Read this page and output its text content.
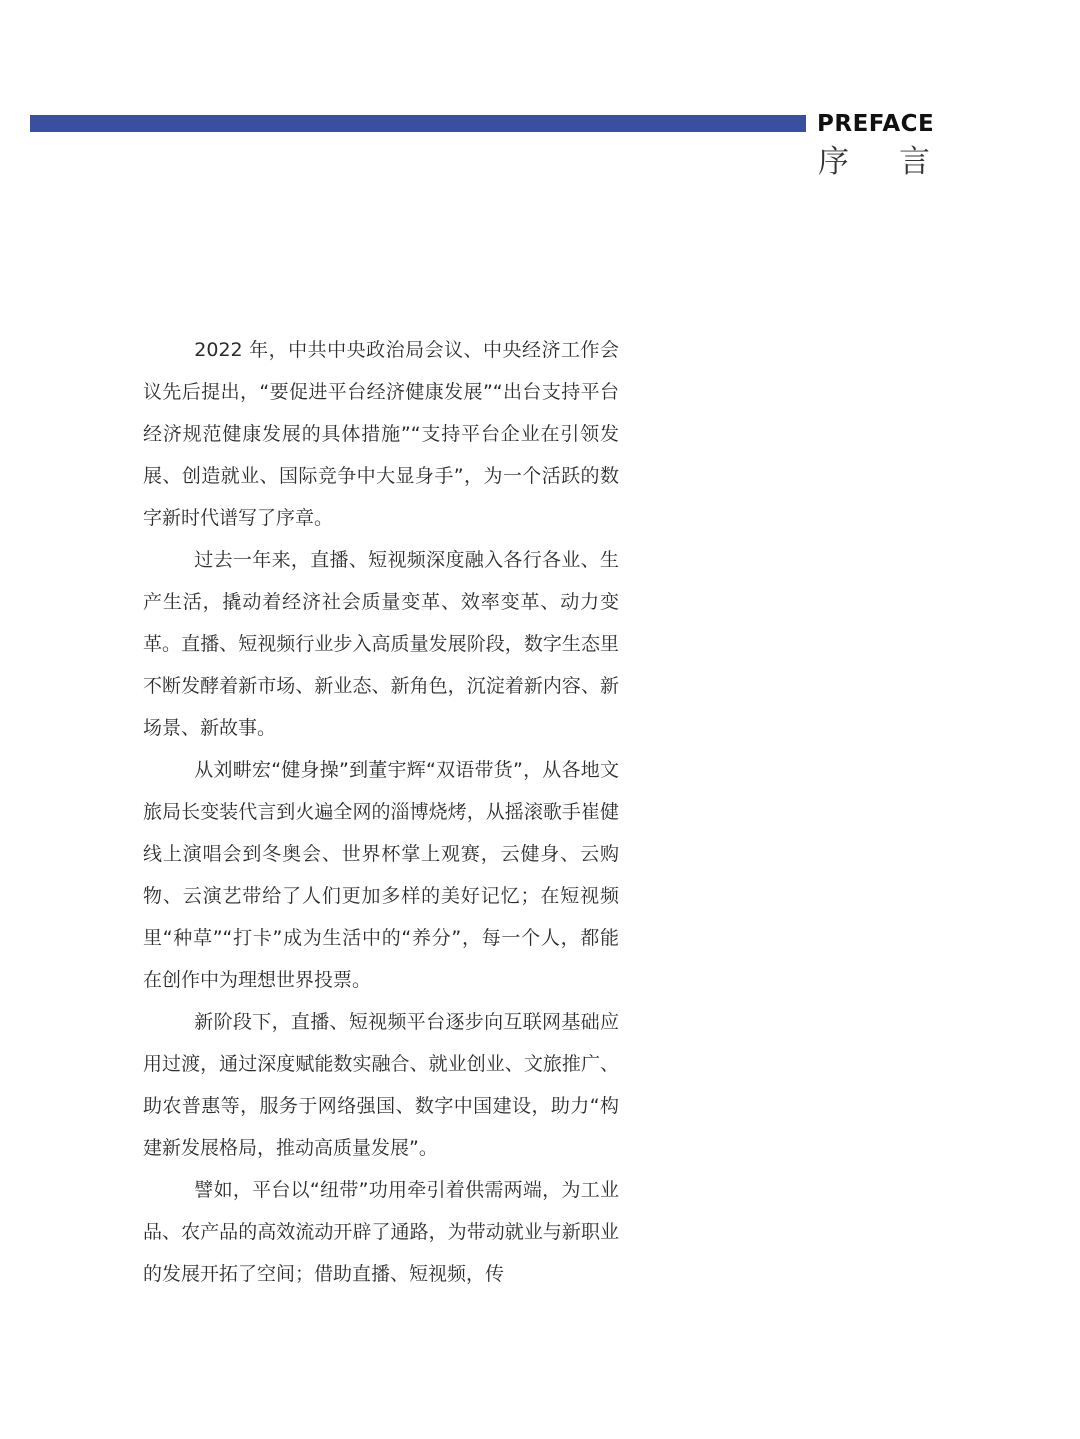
PREFACE
序 言

2022 年，中共中央政治局会议、中央经济工作会议先后提出，“要促进平台经济健康发展”“出台支持平台经济规范健康发展的具体措施”“支持平台企业在引领发展、创造就业、国际竞争中大显身手”，为一个活跃的数字新时代谱写了序章。

过去一年来，直播、短视频深度融入各行各业、生产生活，撬动着经济社会质量变革、效率变革、动力变革。直播、短视频行业步入高质量发展阶段，数字生态里不断发酵着新市场、新业态、新角色，沉淀着新内容、新场景、新故事。

从刘畊宏“健身操”到董宇辉“双语带货”，从各地文旅局长变装代言到火遍全网的淄博烧烤，从摇滚歌手崔健线上演唱会到冬奥会、世界杯掌上观赛，云健身、云购物、云演艺带给了人们更加多样的美好记忆；在短视频里“种草”“打卡”成为生活中的“养分”，每一个人，都能在创作中为理想世界投票。

新阶段下，直播、短视频平台逐步向互联网基础应用过渡，通过深度赋能数实融合、就业创业、文旅推广、助农普惠等，服务于网络强国、数字中国建设，助力“构建新发展格局，推动高质量发展”。

譬如，平台以“纽带”功用牵引着供需两端，为工业品、农产品的高效流动开辟了通路，为带动就业与新职业的发展开拓了空间；借助直播、短视频，传
